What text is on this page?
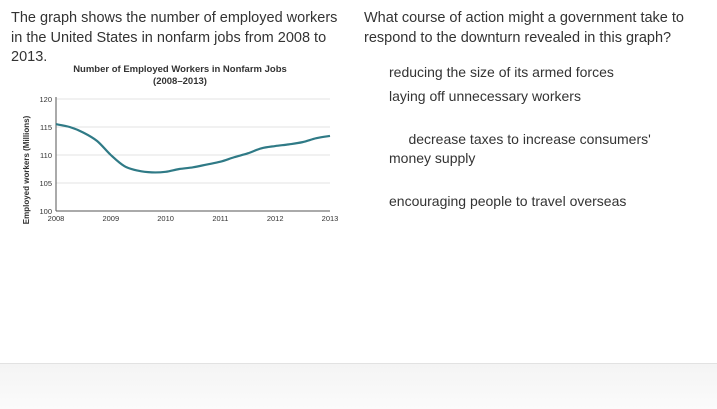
The graph shows the number of employed workers in the United States in nonfarm jobs from 2008 to 2013.

Number of Employed Workers in Nonfarm Jobs
(2008–2013)
Employed workers (Millions) 100
105
110
115
120
2008	2009	2010	2011	2012	2013

What course of action might a government take to respond to the downturn revealed in this graph?

reducing the size of its armed forces
laying off unnecessary workers

decrease taxes to increase consumers' money supply

encouraging people to travel overseas
